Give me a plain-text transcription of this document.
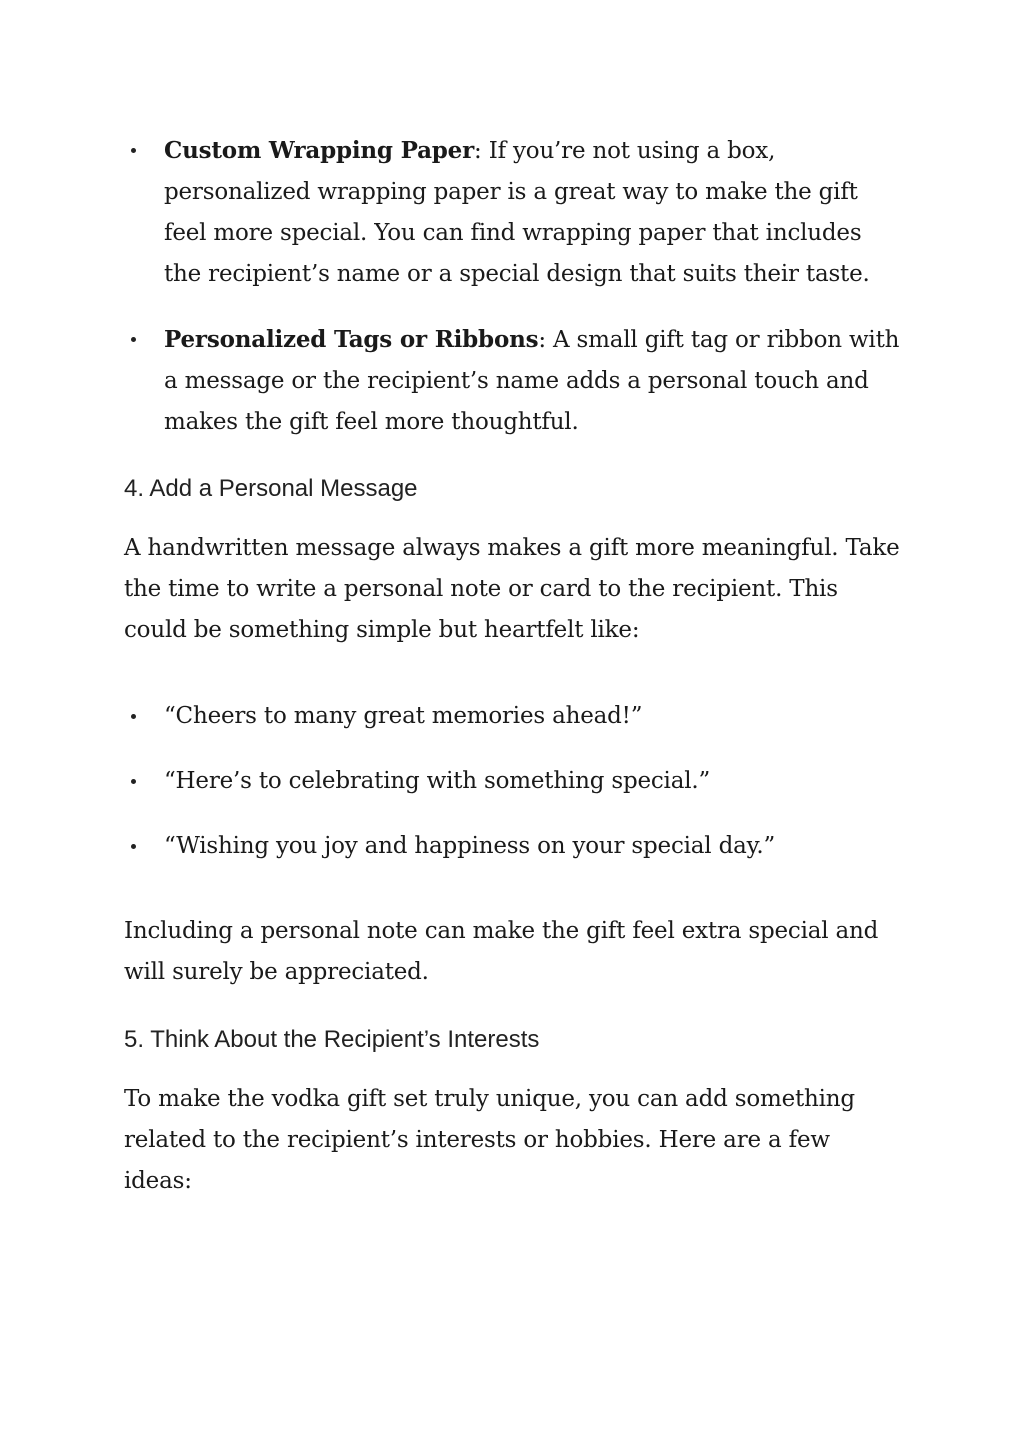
Custom Wrapping Paper: If you’re not using a box, personalized wrapping paper is a great way to make the gift feel more special. You can find wrapping paper that includes the recipient’s name or a special design that suits their taste.
Personalized Tags or Ribbons: A small gift tag or ribbon with a message or the recipient’s name adds a personal touch and makes the gift feel more thoughtful.
4. Add a Personal Message

A handwritten message always makes a gift more meaningful. Take the time to write a personal note or card to the recipient. This could be something simple but heartfelt like:

“Cheers to many great memories ahead!”
“Here’s to celebrating with something special.”
“Wishing you joy and happiness on your special day.”

Including a personal note can make the gift feel extra special and will surely be appreciated.

5. Think About the Recipient’s Interests

To make the vodka gift set truly unique, you can add something related to the recipient’s interests or hobbies. Here are a few ideas:
